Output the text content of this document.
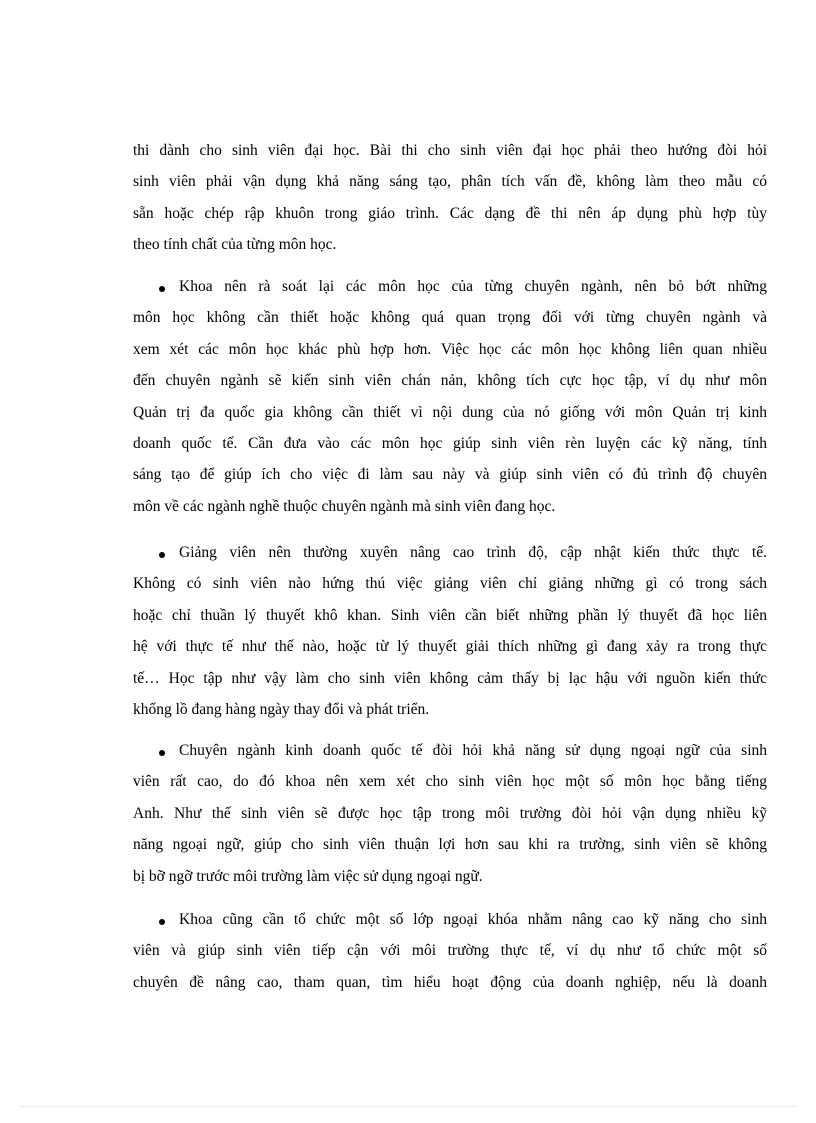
thi dành cho sinh viên đại học. Bài thi cho sinh viên đại học phải theo hướng đòi hỏi
sinh viên phải vận dụng khả năng sáng tạo, phân tích vấn đề, không làm theo mẫu có
sẵn hoặc chép rập khuôn trong giáo trình. Các dạng đề thi nên áp dụng phù hợp tùy
theo tính chất của từng môn học.
Khoa nên rà soát lại các môn học của từng chuyên ngành, nên bỏ bớt những
môn học không cần thiết hoặc không quá quan trọng đối với từng chuyên ngành và
xem xét các môn học khác phù hợp hơn. Việc học các môn học không liên quan nhiều
đến chuyên ngành sẽ kiến sinh viên chán nản, không tích cực học tập, ví dụ như môn
Quản trị đa quốc gia không cần thiết vì nội dung của nó giống với môn Quản trị kinh
doanh quốc tế. Cần đưa vào các môn học giúp sinh viên rèn luyện các kỹ năng, tính
sáng tạo để giúp ích cho việc đi làm sau này và giúp sinh viên có đủ trình độ chuyên
môn về các ngành nghề thuộc chuyên ngành mà sinh viên đang học.
Giảng viên nên thường xuyên nâng cao trình độ, cập nhật kiến thức thực tế.
Không có sinh viên nào hứng thú việc giảng viên chỉ giảng những gì có trong sách
hoặc chỉ thuần lý thuyết khô khan. Sinh viên cần biết những phần lý thuyết đã học liên
hệ với thực tế như thế nào, hoặc từ lý thuyết giải thích những gì đang xảy ra trong thực
tế… Học tập như vậy làm cho sinh viên không cảm thấy bị lạc hậu với nguồn kiến thức
khổng lồ đang hàng ngày thay đổi và phát triển.
Chuyên ngành kinh doanh quốc tế đòi hỏi khả năng sử dụng ngoại ngữ của sinh
viên rất cao, do đó khoa nên xem xét cho sinh viên học một số môn học bằng tiếng
Anh. Như thế sinh viên sẽ được học tập trong môi trường đòi hỏi vận dụng nhiều kỹ
năng ngoại ngữ, giúp cho sinh viên thuận lợi hơn sau khi ra trường, sinh viên sẽ không
bị bỡ ngỡ trước môi trường làm việc sử dụng ngoại ngữ.
Khoa cũng cần tổ chức một số lớp ngoại khóa nhằm nâng cao kỹ năng cho sinh
viên và giúp sinh viên tiếp cận với môi trường thực tế, ví dụ như tổ chức một số
chuyên đề nâng cao, tham quan, tìm hiểu hoạt động của doanh nghiệp, nếu là doanh
